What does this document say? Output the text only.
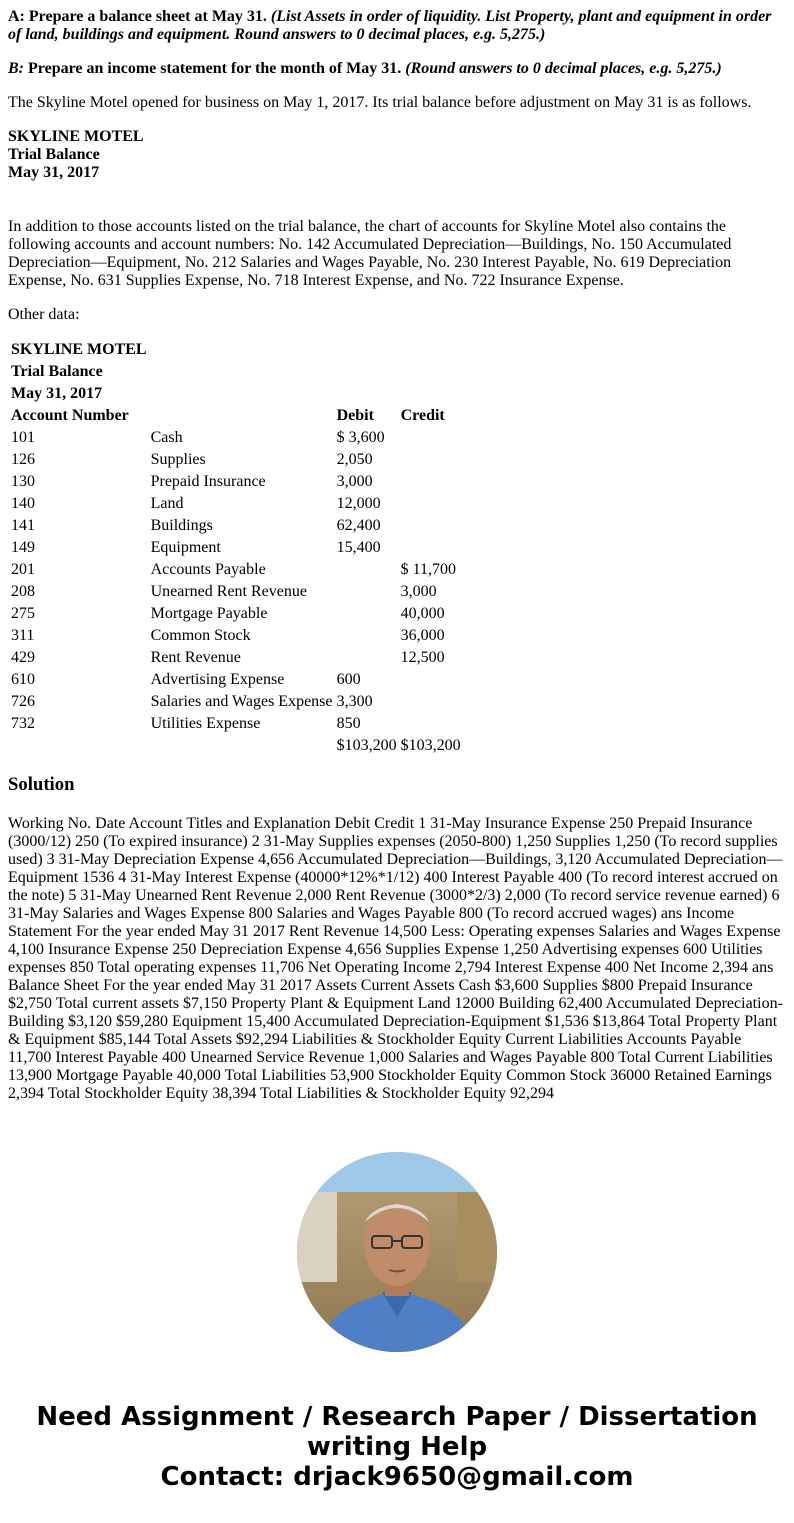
A: Prepare a balance sheet at May 31. (List Assets in order of liquidity. List Property, plant and equipment in order of land, buildings and equipment. Round answers to 0 decimal places, e.g. 5,275.)

B: Prepare an income statement for the month of May 31. (Round answers to 0 decimal places, e.g. 5,275.)

The Skyline Motel opened for business on May 1, 2017. Its trial balance before adjustment on May 31 is as follows.

SKYLINE MOTEL
Trial Balance
May 31, 2017

In addition to those accounts listed on the trial balance, the chart of accounts for Skyline Motel also contains the following accounts and account numbers: No. 142 Accumulated Depreciation—Buildings, No. 150 Accumulated Depreciation—Equipment, No. 212 Salaries and Wages Payable, No. 230 Interest Payable, No. 619 Depreciation Expense, No. 631 Supplies Expense, No. 718 Interest Expense, and No. 722 Insurance Expense.

Other data:

SKYLINE MOTEL			
Trial Balance			
May 31, 2017			
Account Number		Debit	Credit
101	Cash	$ 3,600	
126	Supplies	2,050	
130	Prepaid Insurance	3,000	
140	Land	12,000	
141	Buildings	62,400	
149	Equipment	15,400	
201	Accounts Payable		$ 11,700
208	Unearned Rent Revenue		3,000
275	Mortgage Payable		40,000
311	Common Stock		36,000
429	Rent Revenue		12,500
610	Advertising Expense	600	
726	Salaries and Wages Expense	3,300	
732	Utilities Expense	850	
		$103,200	$103,200
Solution

Working No. Date Account Titles and Explanation Debit Credit 1 31-May Insurance Expense 250 Prepaid Insurance (3000/12) 250 (To expired insurance) 2 31-May Supplies expenses (2050-800) 1,250 Supplies 1,250 (To record supplies used) 3 31-May Depreciation Expense 4,656 Accumulated Depreciation—Buildings, 3,120 Accumulated Depreciation—Equipment 1536 4 31-May Interest Expense (40000*12%*1/12) 400 Interest Payable 400 (To record interest accrued on the note) 5 31-May Unearned Rent Revenue 2,000 Rent Revenue (3000*2/3) 2,000 (To record service revenue earned) 6 31-May Salaries and Wages Expense 800 Salaries and Wages Payable 800 (To record accrued wages) ans Income Statement For the year ended May 31 2017 Rent Revenue 14,500 Less: Operating expenses Salaries and Wages Expense 4,100 Insurance Expense 250 Depreciation Expense 4,656 Supplies Expense 1,250 Advertising expenses 600 Utilities expenses 850 Total operating expenses 11,706 Net Operating Income 2,794 Interest Expense 400 Net Income 2,394 ans Balance Sheet For the year ended May 31 2017 Assets Current Assets Cash $3,600 Supplies $800 Prepaid Insurance $2,750 Total current assets $7,150 Property Plant & Equipment Land 12000 Building 62,400 Accumulated Depreciation-Building $3,120 $59,280 Equipment 15,400 Accumulated Depreciation-Equipment $1,536 $13,864 Total Property Plant & Equipment $85,144 Total Assets $92,294 Liabilities & Stockholder Equity Current Liabilities Accounts Payable 11,700 Interest Payable 400 Unearned Service Revenue 1,000 Salaries and Wages Payable 800 Total Current Liabilities 13,900 Mortgage Payable 40,000 Total Liabilities 53,900 Stockholder Equity Common Stock 36000 Retained Earnings 2,394 Total Stockholder Equity 38,394 Total Liabilities & Stockholder Equity 92,294

Need Assignment / Research Paper / Dissertation
writing Help
Contact: drjack9650@gmail.com
